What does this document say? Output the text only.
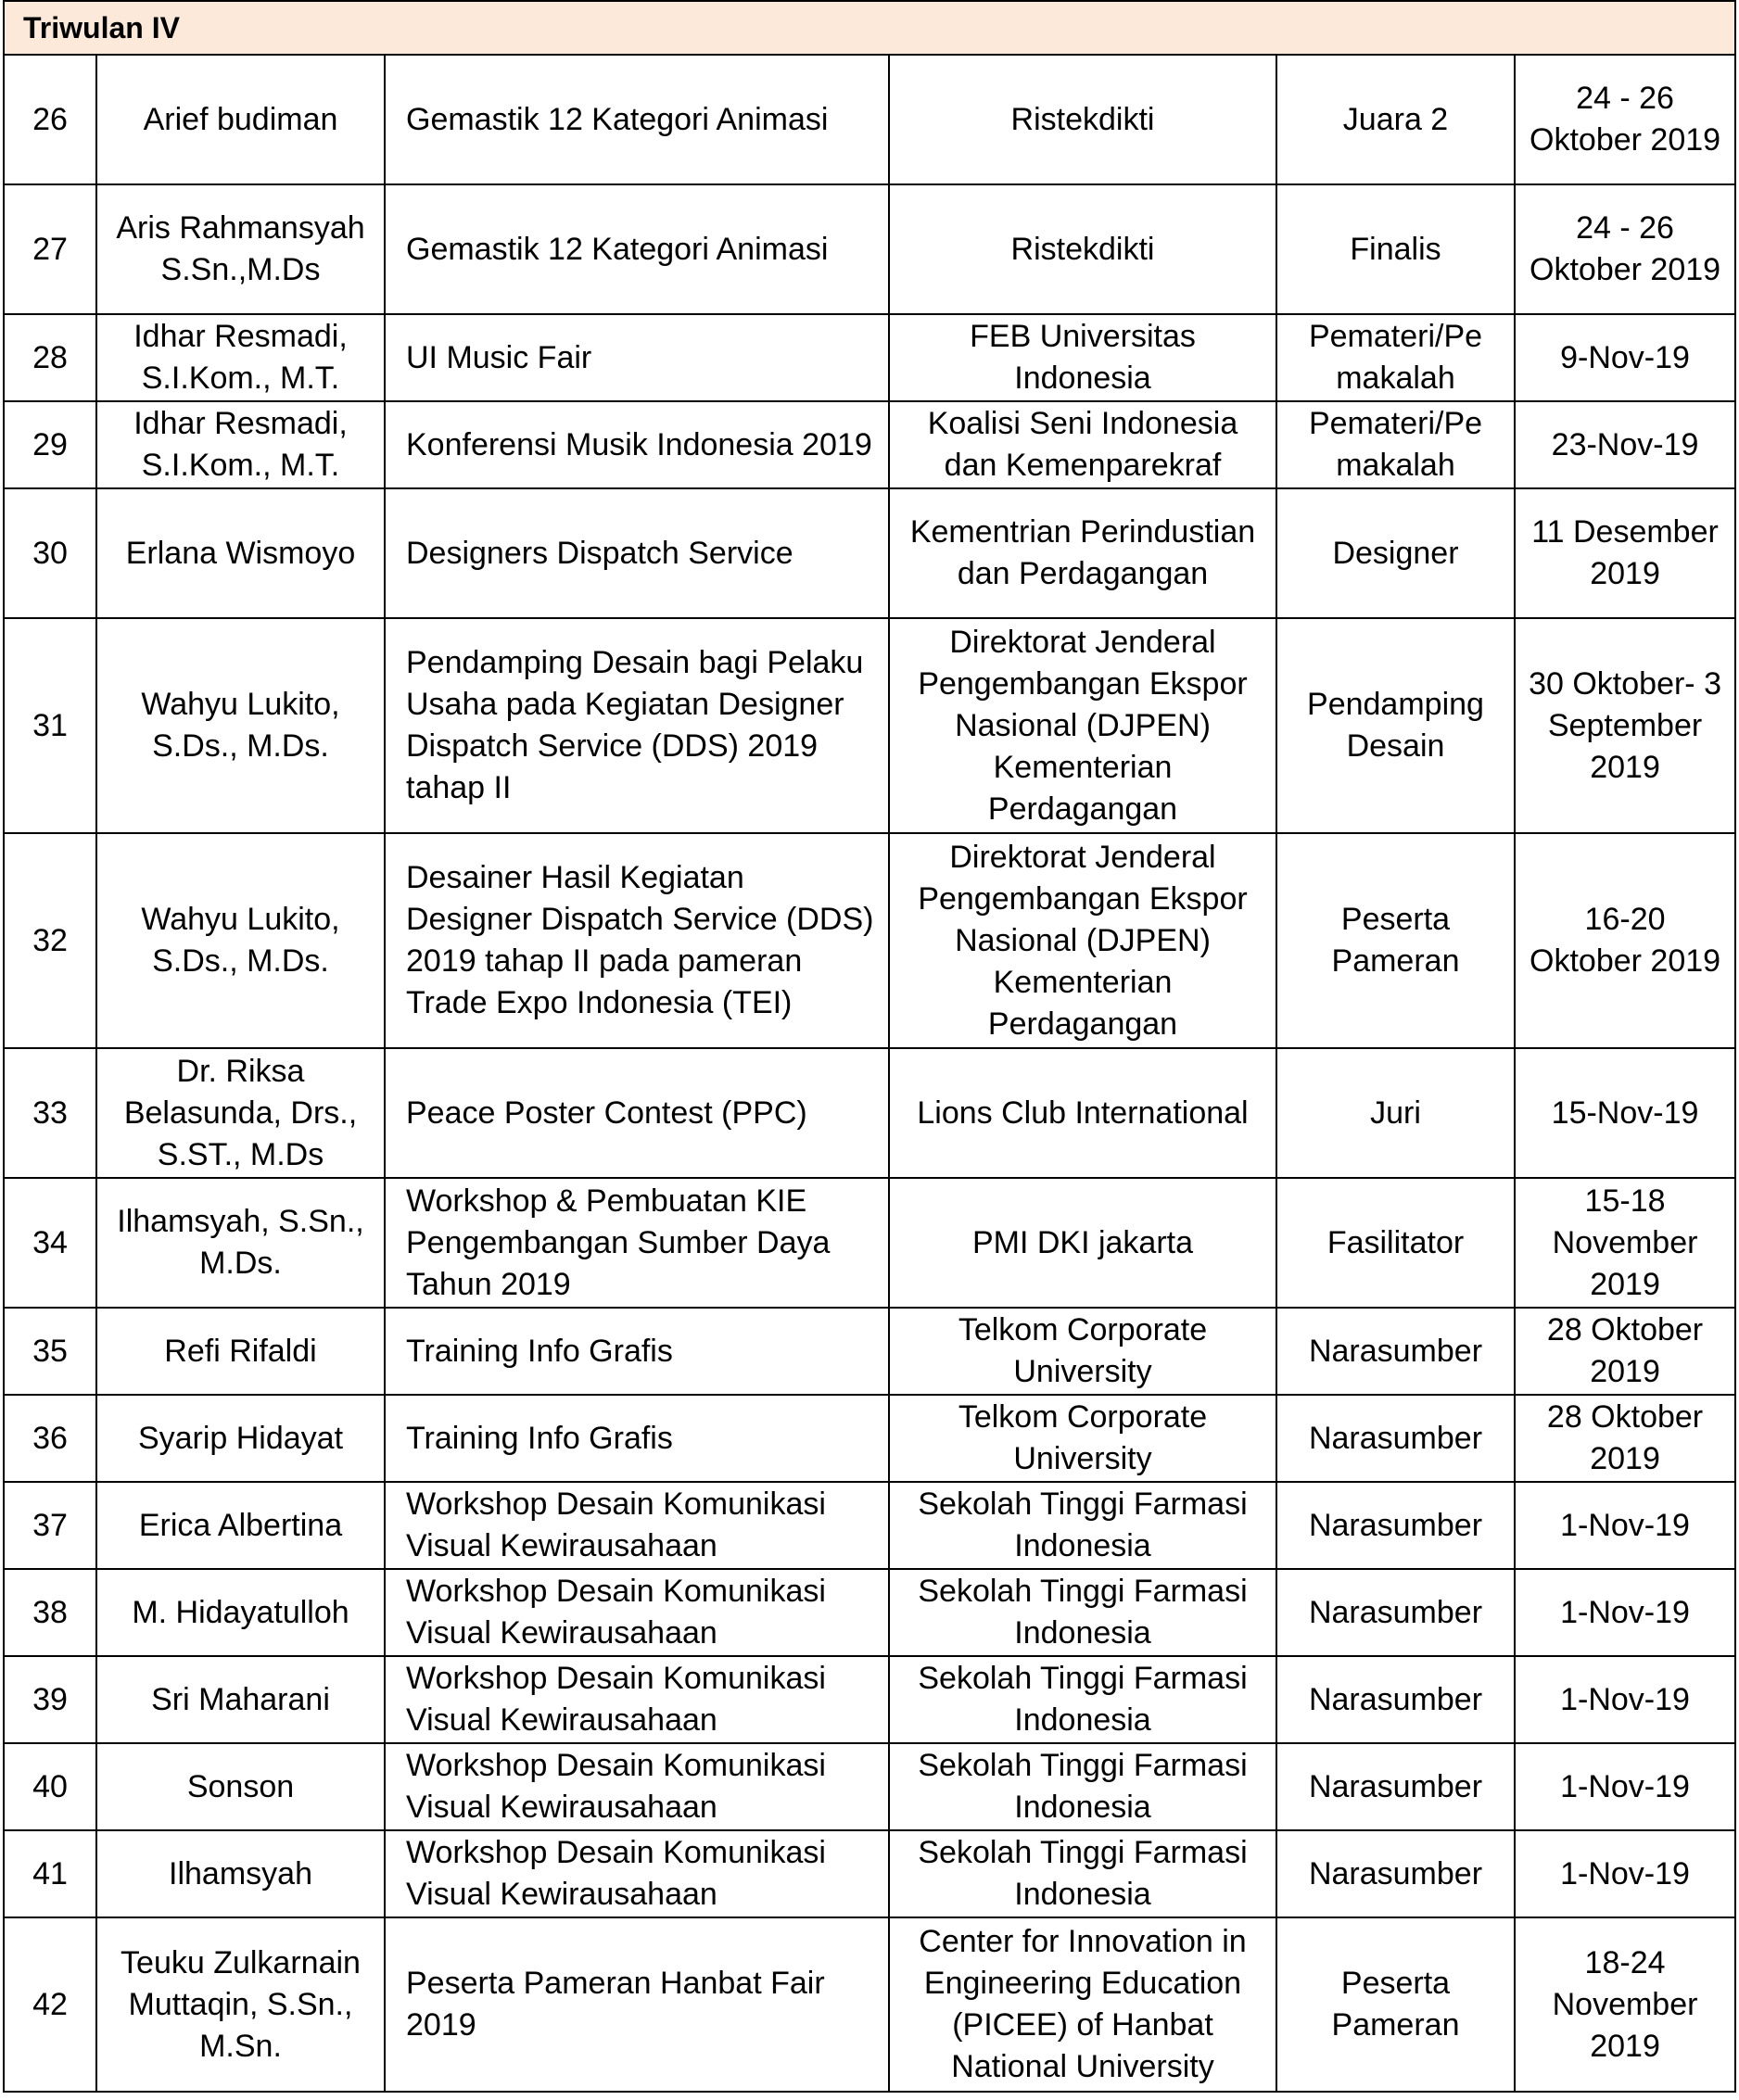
Triwulan IV					
26	Arief budiman	Gemastik 12 Kategori Animasi	Ristekdikti	Juara 2	24 - 26 Oktober 2019
27	Aris Rahmansyah S.Sn.,M.Ds	Gemastik 12 Kategori Animasi	Ristekdikti	Finalis	24 - 26 Oktober 2019
28	Idhar Resmadi, S.I.Kom., M.T.	UI Music Fair	FEB Universitas Indonesia	Pemateri/Pe makalah	9-Nov-19
29	Idhar Resmadi, S.I.Kom., M.T.	Konferensi Musik Indonesia 2019	Koalisi Seni Indonesia dan Kemenparekraf	Pemateri/Pe makalah	23-Nov-19
30	Erlana Wismoyo	Designers Dispatch Service	Kementrian Perindustian dan Perdagangan	Designer	11 Desember 2019
31	Wahyu Lukito, S.Ds., M.Ds.	Pendamping Desain bagi Pelaku Usaha pada Kegiatan Designer Dispatch Service (DDS) 2019 tahap II	Direktorat Jenderal Pengembangan Ekspor Nasional (DJPEN) Kementerian Perdagangan	Pendamping Desain	30 Oktober- 3 September 2019
32	Wahyu Lukito, S.Ds., M.Ds.	Desainer Hasil Kegiatan Designer Dispatch Service (DDS) 2019 tahap II pada pameran Trade Expo Indonesia (TEI)	Direktorat Jenderal Pengembangan Ekspor Nasional (DJPEN) Kementerian Perdagangan	Peserta Pameran	16-20 Oktober 2019
33	Dr. Riksa Belasunda, Drs., S.ST., M.Ds	Peace Poster Contest (PPC)	Lions Club International	Juri	15-Nov-19
34	Ilhamsyah, S.Sn., M.Ds.	Workshop & Pembuatan KIE Pengembangan Sumber Daya Tahun 2019	PMI DKI jakarta	Fasilitator	15-18 November 2019
35	Refi Rifaldi	Training Info Grafis	Telkom Corporate University	Narasumber	28 Oktober 2019
36	Syarip Hidayat	Training Info Grafis	Telkom Corporate University	Narasumber	28 Oktober 2019
37	Erica Albertina	Workshop Desain Komunikasi Visual Kewirausahaan	Sekolah Tinggi Farmasi Indonesia	Narasumber	1-Nov-19
38	M. Hidayatulloh	Workshop Desain Komunikasi Visual Kewirausahaan	Sekolah Tinggi Farmasi Indonesia	Narasumber	1-Nov-19
39	Sri Maharani	Workshop Desain Komunikasi Visual Kewirausahaan	Sekolah Tinggi Farmasi Indonesia	Narasumber	1-Nov-19
40	Sonson	Workshop Desain Komunikasi Visual Kewirausahaan	Sekolah Tinggi Farmasi Indonesia	Narasumber	1-Nov-19
41	Ilhamsyah	Workshop Desain Komunikasi Visual Kewirausahaan	Sekolah Tinggi Farmasi Indonesia	Narasumber	1-Nov-19
42	Teuku Zulkarnain Muttaqin, S.Sn., M.Sn.	Peserta Pameran Hanbat Fair 2019	Center for Innovation in Engineering Education (PICEE) of Hanbat National University	Peserta Pameran	18-24 November 2019
